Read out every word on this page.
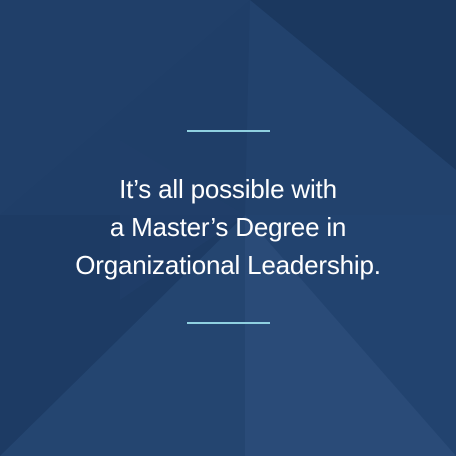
It’s all possible with
a Master’s Degree in
Organizational Leadership.
